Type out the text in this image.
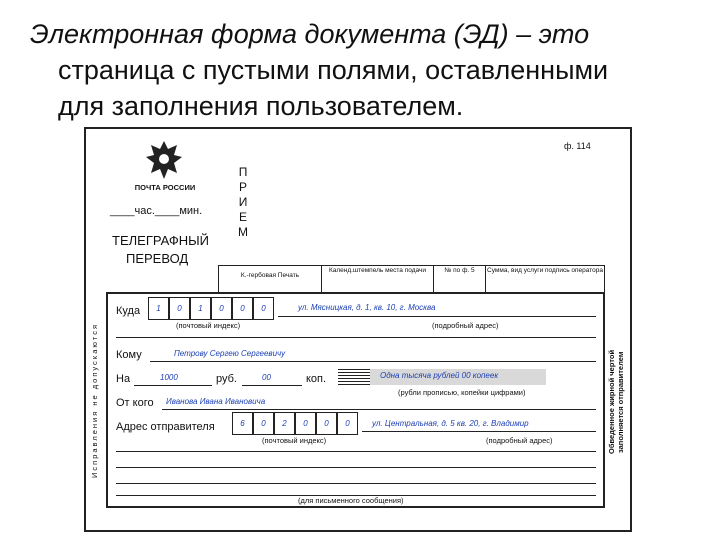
Электронная форма документа (ЭД) – это
страница с пустыми полями, оставленными
для заполнения пользователем.
ПОЧТА РОССИИ
____час.____мин.
ТЕЛЕГРАФНЫЙ
ПЕРЕВОД
П
Р
И
Е
М
ф. 114
К.-гербовая Печать
Календ.штемпель места подачи	№ по ф. 5	Сумма, вид услуги подпись оператора
Исправления не допускаются	Обведенное жирной чертой заполняется отправителем
Куда	1	0	1	0	0	0	ул. Мясницкая, д. 1, кв. 10, г. Москва
(почтовый индекс)	(подробный адрес)
Кому	Петрову Сергею Сергеевичу
На	1000	руб.	00	коп.	Одна тысяча рублей 00 копеек
(рубли прописью, копейки цифрами)
От кого Иванова Ивана Ивановича
Адрес отправителя	6	0	2	0	0	0	ул. Центральная, д. 5 кв. 20, г. Владимир
(почтовый индекс)	(подробный адрес)
(для письменного сообщения)
